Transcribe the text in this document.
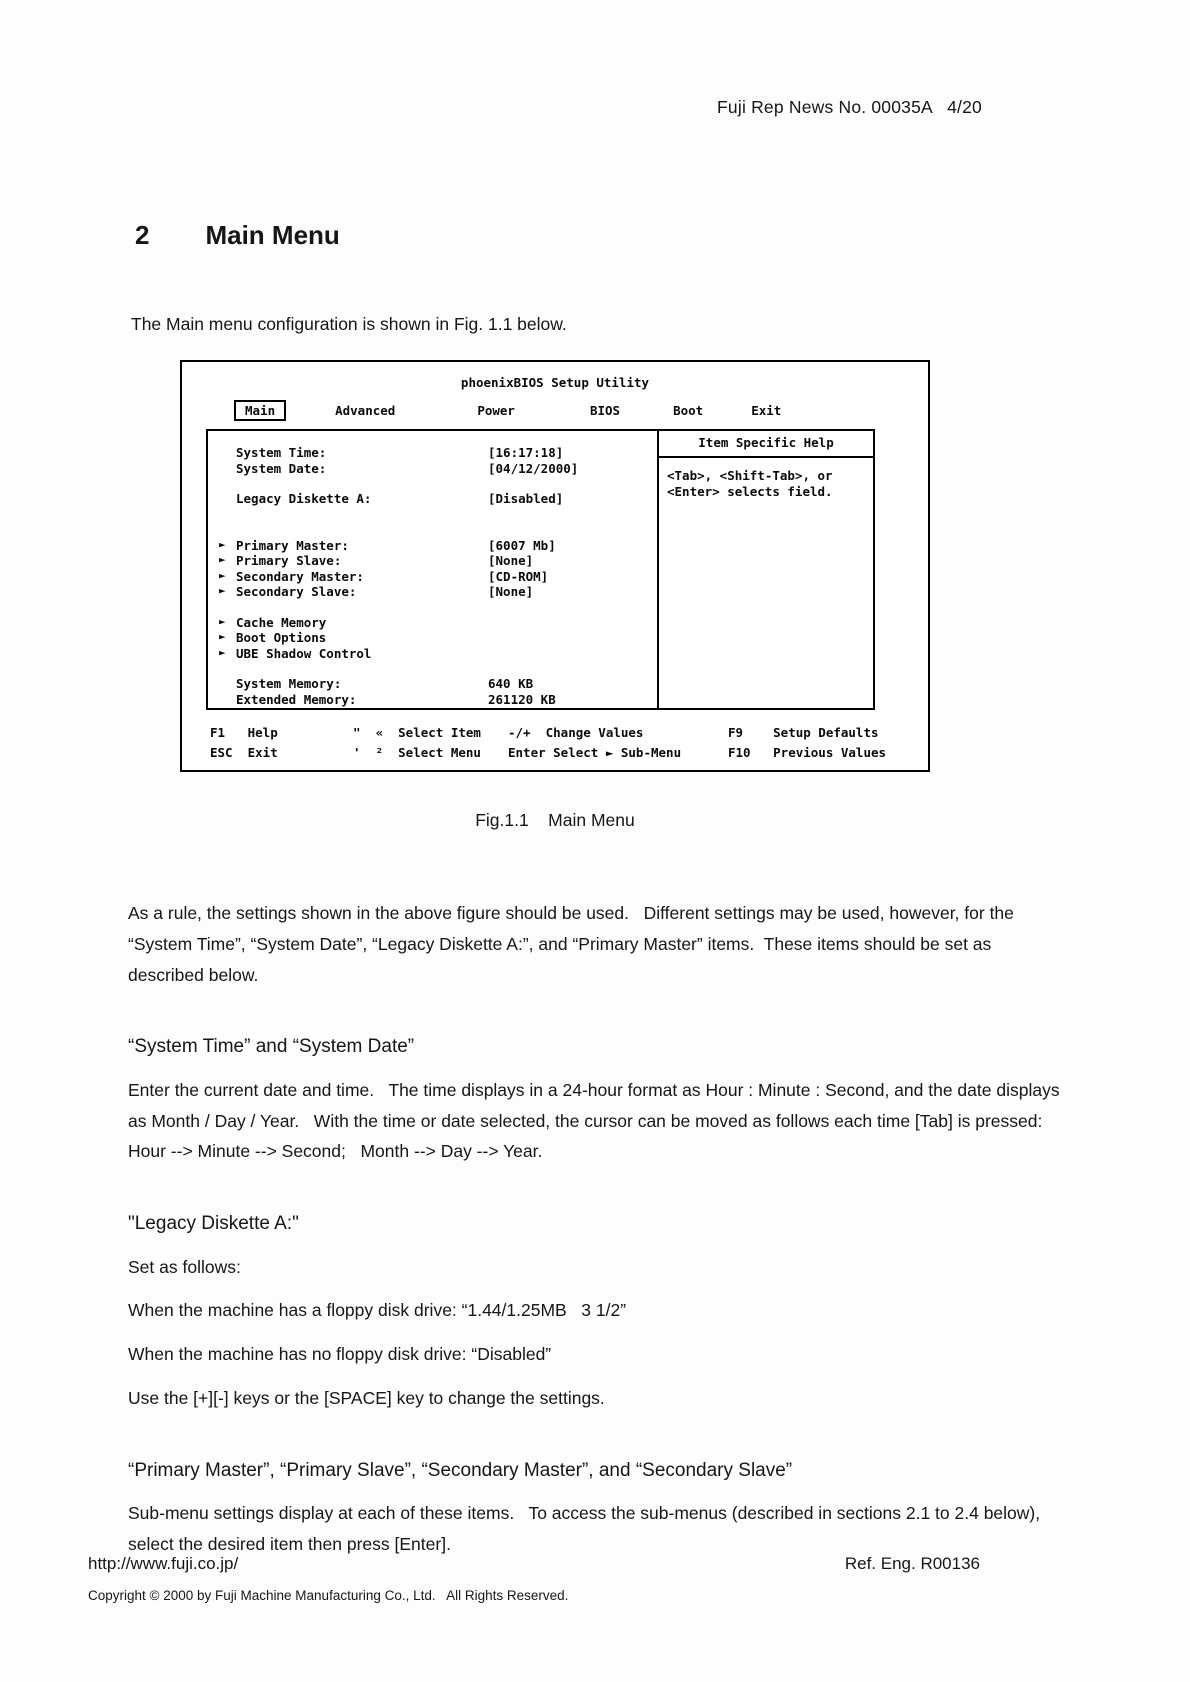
Fuji Rep News No. 00035A   4/20
2 Main Menu

The Main menu configuration is shown in Fig. 1.1 below.

phoenixBIOS Setup Utility
Main	Advanced	Power	BIOS	Boot	Exit
System Time:	[16:17:18]
System Date:	[04/12/2000]
Legacy Diskette A:	[Disabled]
► Primary Master:	[6007 Mb]
► Primary Slave:	[None]
► Secondary Master:	[CD-ROM]
► Secondary Slave:	[None]
► Cache Memory
► Boot Options
► UBE Shadow Control
System Memory:	640 KB
Extended Memory:	261120 KB
Item Specific Help
<Tab>, <Shift-Tab>, or
<Enter> selects field.
F1   Help	"  «  Select Item	-/+  Change Values	F9    Setup Defaults
ESC  Exit	'  ²  Select Menu	Enter Select ► Sub-Menu	F10   Previous Values
Fig.1.1    Main Menu

As a rule, the settings shown in the above figure should be used.   Different settings may be used, however, for the “System Time”, “System Date”, “Legacy Diskette A:”, and “Primary Master” items.  These items should be set as described below.

“System Time” and “System Date”

Enter the current date and time.   The time displays in a 24-hour format as Hour : Minute : Second, and the date displays as Month / Day / Year.   With the time or date selected, the cursor can be moved as follows each time [Tab] is pressed: Hour --> Minute --> Second;   Month --> Day --> Year.

"Legacy Diskette A:"

Set as follows:

When the machine has a floppy disk drive: “1.44/1.25MB   3 1/2”

When the machine has no floppy disk drive: “Disabled”

Use the [+][-] keys or the [SPACE] key to change the settings.

“Primary Master”, “Primary Slave”, “Secondary Master”, and “Secondary Slave”

Sub-menu settings display at each of these items.   To access the sub-menus (described in sections 2.1 to 2.4 below), select the desired item then press [Enter].

http://www.fuji.co.jp/	Ref. Eng. R00136
Copyright © 2000 by Fuji Machine Manufacturing Co., Ltd.   All Rights Reserved.
